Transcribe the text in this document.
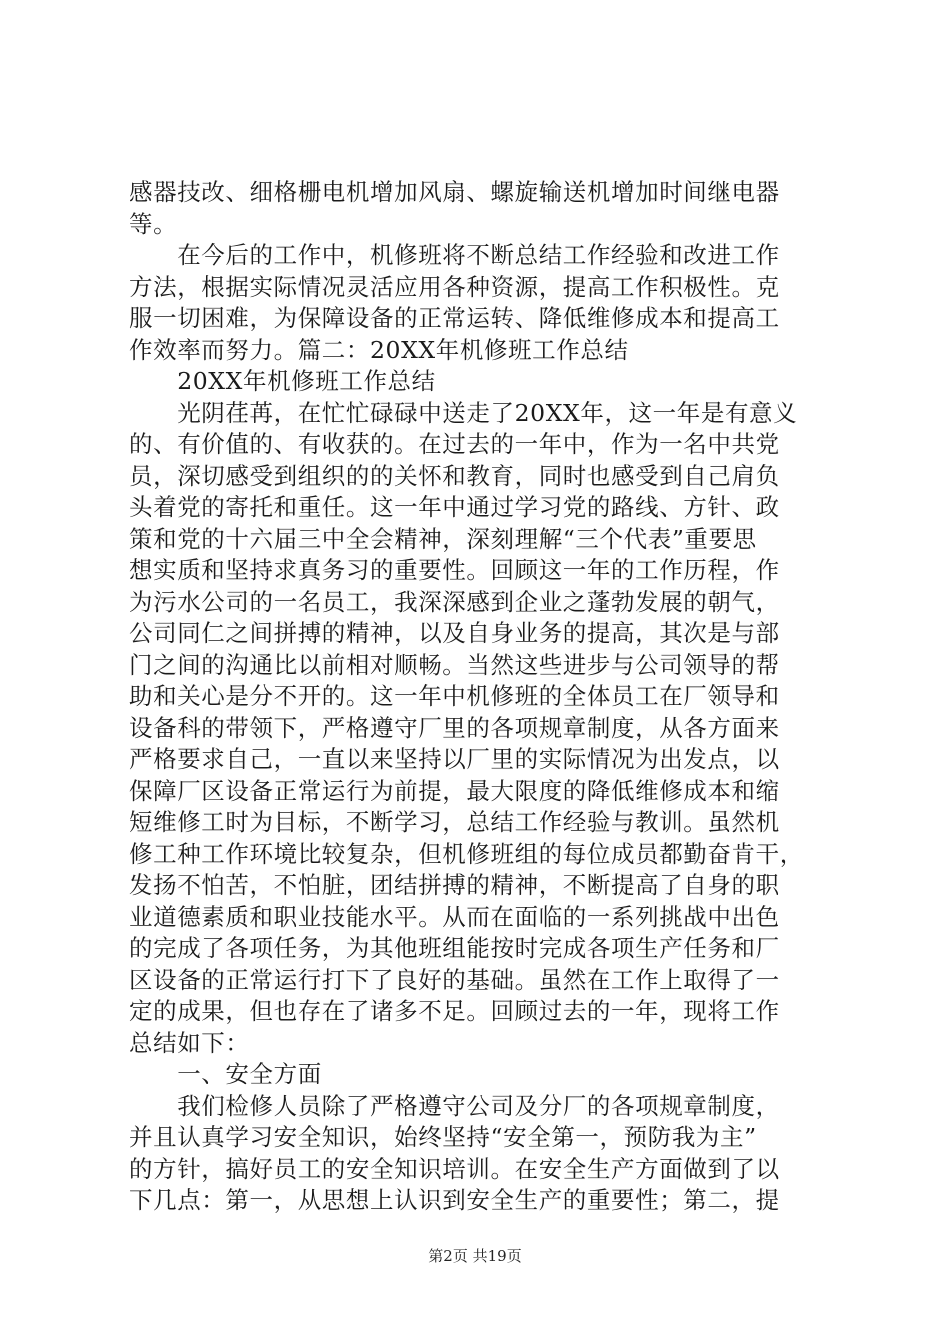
感器技改、细格栅电机增加风扇、螺旋输送机增加时间继电器
等。
　　在今后的工作中，机修班将不断总结工作经验和改进工作
方法，根据实际情况灵活应用各种资源，提高工作积极性。克
服一切困难，为保障设备的正常运转、降低维修成本和提高工
作效率而努力。篇二：20XX年机修班工作总结
　　20XX年机修班工作总结
　　光阴荏苒，在忙忙碌碌中送走了20XX年，这一年是有意义
的、有价值的、有收获的。在过去的一年中，作为一名中共党
员，深切感受到组织的的关怀和教育，同时也感受到自己肩负
头着党的寄托和重任。这一年中通过学习党的路线、方针、政
策和党的十六届三中全会精神，深刻理解“三个代表”重要思
想实质和坚持求真务习的重要性。回顾这一年的工作历程，作
为污水公司的一名员工，我深深感到企业之蓬勃发展的朝气，
公司同仁之间拼搏的精神，以及自身业务的提高，其次是与部
门之间的沟通比以前相对顺畅。当然这些进步与公司领导的帮
助和关心是分不开的。这一年中机修班的全体员工在厂领导和
设备科的带领下，严格遵守厂里的各项规章制度，从各方面来
严格要求自己，一直以来坚持以厂里的实际情况为出发点，以
保障厂区设备正常运行为前提，最大限度的降低维修成本和缩
短维修工时为目标，不断学习，总结工作经验与教训。虽然机
修工种工作环境比较复杂，但机修班组的每位成员都勤奋肯干，
发扬不怕苦，不怕脏，团结拼搏的精神，不断提高了自身的职
业道德素质和职业技能水平。从而在面临的一系列挑战中出色
的完成了各项任务，为其他班组能按时完成各项生产任务和厂
区设备的正常运行打下了良好的基础。虽然在工作上取得了一
定的成果，但也存在了诸多不足。回顾过去的一年，现将工作
总结如下：
　　一、安全方面
　　我们检修人员除了严格遵守公司及分厂的各项规章制度，
并且认真学习安全知识，始终坚持“安全第一，预防我为主”
的方针，搞好员工的安全知识培训。在安全生产方面做到了以
下几点：第一，从思想上认识到安全生产的重要性；第二，提
第2页 共19页
